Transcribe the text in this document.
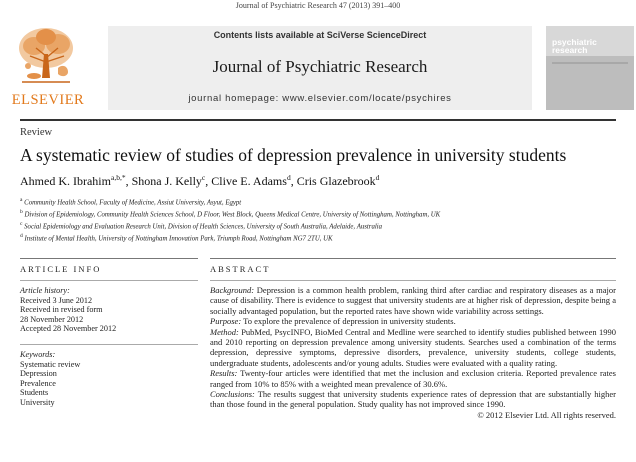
Journal of Psychiatric Research 47 (2013) 391–400
ELSEVIER
Contents lists available at SciVerse ScienceDirect
Journal of Psychiatric Research
journal homepage: www.elsevier.com/locate/psychires
psychiatric
research
Review
A systematic review of studies of depression prevalence in university students
Ahmed K. Ibrahim$^{a,b,*}$, Shona J. Kelly$^c$, Clive E. Adams$^d$, Cris Glazebrook$^d$
$^a$ Community Health School, Faculty of Medicine, Assiut University, Asyut, Egypt
$^b$ Division of Epidemiology, Community Health Sciences School, D Floor, West Block, Queens Medical Centre, University of Nottingham, Nottingham, UK
$^c$ Social Epidemiology and Evaluation Research Unit, Division of Health Sciences, University of South Australia, Adelaide, Australia
$^d$ Institute of Mental Health, University of Nottingham Innovation Park, Triumph Road, Nottingham NG7 2TU, UK
ARTICLE INFO	ABSTRACT
Article history:
Received 3 June 2012
Received in revised form
28 November 2012
Accepted 28 November 2012
Keywords:
Systematic review
Depression
Prevalence
Students
University

Background: Depression is a common health problem, ranking third after cardiac and respiratory diseases as a major cause of disability. There is evidence to suggest that university students are at higher risk of depression, despite being a socially advantaged population, but the reported rates have shown wide variability across settings.

Purpose: To explore the prevalence of depression in university students.

Method: PubMed, PsycINFO, BioMed Central and Medline were searched to identify studies published between 1990 and 2010 reporting on depression prevalence among university students. Searches used a combination of the terms depression, depressive symptoms, depressive disorders, prevalence, university students, college students, undergraduate students, adolescents and/or young adults. Studies were evaluated with a quality rating.

Results: Twenty-four articles were identified that met the inclusion and exclusion criteria. Reported prevalence rates ranged from 10% to 85% with a weighted mean prevalence of 30.6%.

Conclusions: The results suggest that university students experience rates of depression that are substantially higher than those found in the general population. Study quality has not improved since 1990.

© 2012 Elsevier Ltd. All rights reserved.
